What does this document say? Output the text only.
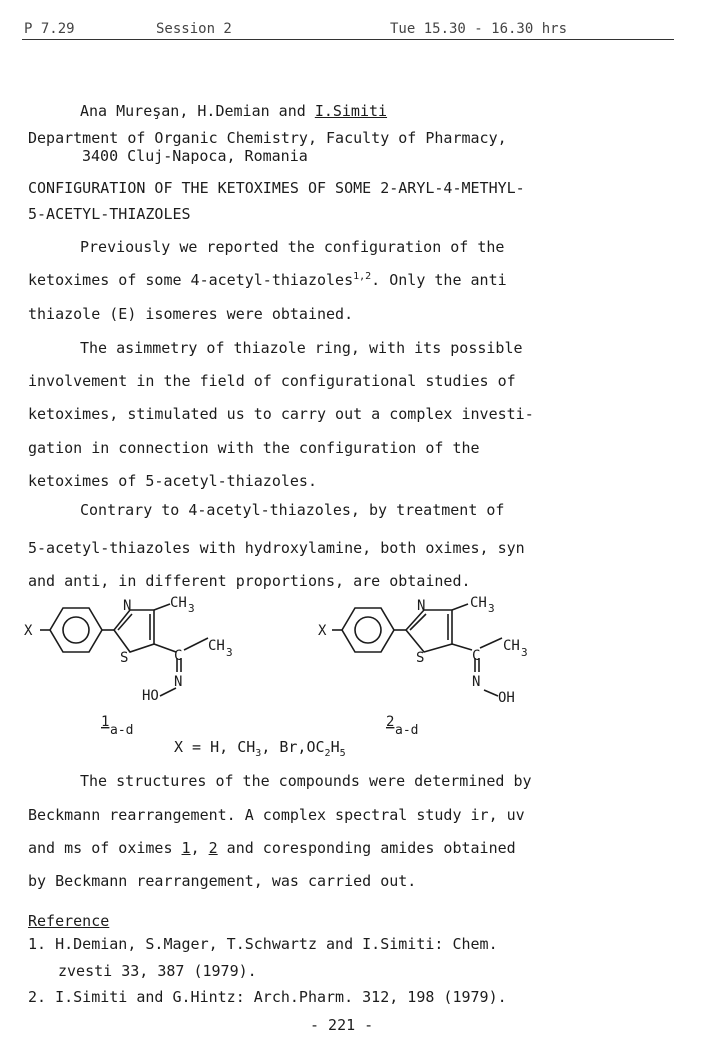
P 7.29	Session 2	Tue 15.30 - 16.30 hrs
Ana Mureşan, H.Demian and I.Simiti
Department of Organic Chemistry, Faculty of Pharmacy,
3400 Cluj-Napoca, Romania
CONFIGURATION OF THE KETOXIMES OF SOME 2-ARYL-4-METHYL-
5-ACETYL-THIAZOLES
Previously we reported the configuration of the
ketoximes of some 4-acetyl-thiazoles$^{1,2}$. Only the anti
thiazole (E) isomeres were obtained.
The asimmetry of thiazole ring, with its possible
involvement in the field of configurational studies of
ketoximes, stimulated us to carry out a complex investi-
gation in connection with the configuration of the
ketoximes of 5-acetyl-thiazoles.
Contrary to 4-acetyl-thiazoles, by treatment of
5-acetyl-thiazoles with hydroxylamine, both oximes, syn
and anti, in different proportions, are obtained.
X
N	CH 3
S	C
CH 3
N
HO
1
a-d
X
N	CH 3
S	C
CH 3
N
OH
2
a-d
X = H, $CH_3$, $Br,OC_2H_5$
The structures of the compounds were determined by
Beckmann rearrangement. A complex spectral study ir, uv
and ms of oximes 1, 2 and coresponding amides obtained
by Beckmann rearrangement, was carried out.
Reference
1. H.Demian, S.Mager, T.Schwartz and I.Simiti: Chem.
zvesti 33, 387 (1979).
2. I.Simiti and G.Hintz: Arch.Pharm. 312, 198 (1979).
- 221 -
